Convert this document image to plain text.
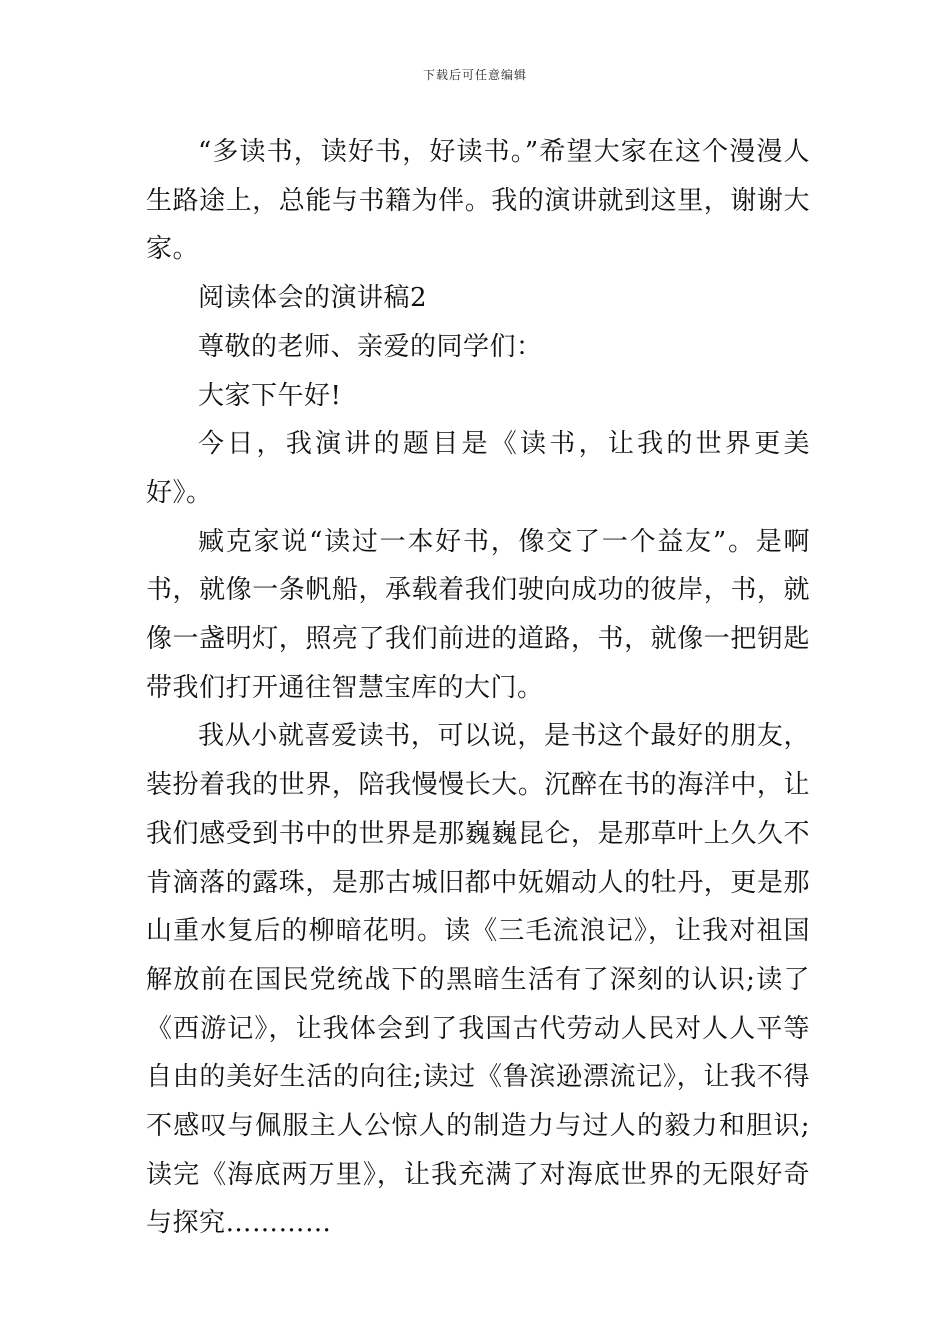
下载后可任意编辑

“多读书，读好书，好读书。”希望大家在这个漫漫人生路途上，总能与书籍为伴。我的演讲就到这里，谢谢大家。

阅读体会的演讲稿2

尊敬的老师、亲爱的同学们：

大家下午好!

今日，我演讲的题目是《读书，让我的世界更美好》。

臧克家说“读过一本好书，像交了一个益友”。是啊书，就像一条帆船，承载着我们驶向成功的彼岸，书，就像一盏明灯，照亮了我们前进的道路，书，就像一把钥匙带我们打开通往智慧宝库的大门。

我从小就喜爱读书，可以说，是书这个最好的朋友，装扮着我的世界，陪我慢慢长大。沉醉在书的海洋中，让我们感受到书中的世界是那巍巍昆仑，是那草叶上久久不肯滴落的露珠，是那古城旧都中妩媚动人的牡丹，更是那山重水复后的柳暗花明。读《三毛流浪记》，让我对祖国解放前在国民党统战下的黑暗生活有了深刻的认识;读了《西游记》，让我体会到了我国古代劳动人民对人人平等自由的美好生活的向往;读过《鲁滨逊漂流记》，让我不得不感叹与佩服主人公惊人的制造力与过人的毅力和胆识;读完《海底两万里》，让我充满了对海底世界的无限好奇与探究…………
